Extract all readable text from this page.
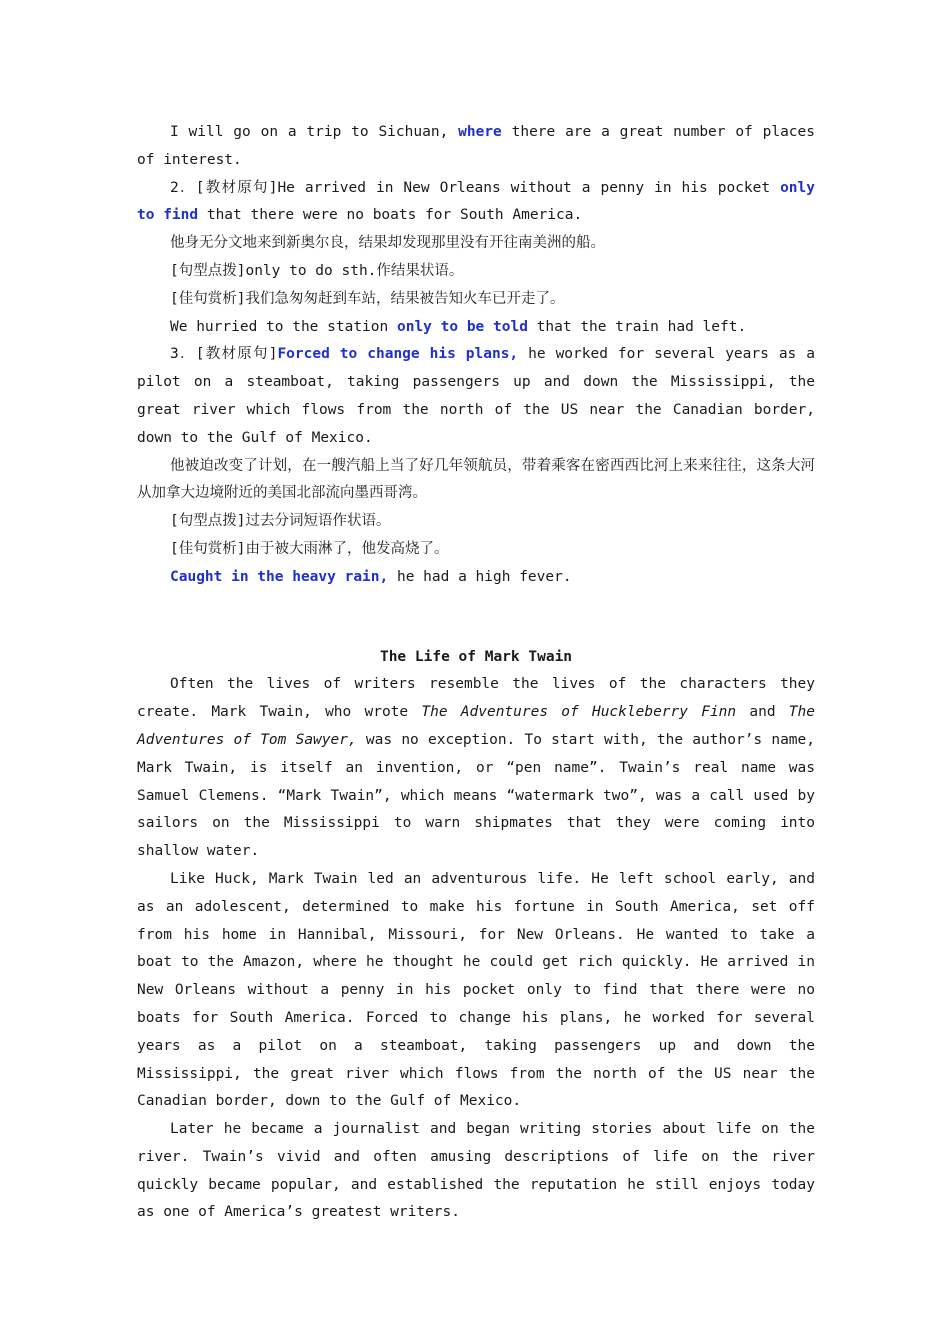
I will go on a trip to Sichuan, where there are a great number of places of interest.

2．[教材原句]He arrived in New Orleans without a penny in his pocket only to find that there were no boats for South America.

他身无分文地来到新奥尔良，结果却发现那里没有开往南美洲的船。

[句型点拨]only to do sth.作结果状语。

[佳句赏析]我们急匆匆赶到车站，结果被告知火车已开走了。

We hurried to the station only to be told that the train had left.

3．[教材原句]Forced to change his plans, he worked for several years as a pilot on a steamboat, taking passengers up and down the Mississippi, the great river which flows from the north of the US near the Canadian border, down to the Gulf of Mexico.

他被迫改变了计划，在一艘汽船上当了好几年领航员，带着乘客在密西西比河上来来往往，这条大河从加拿大边境附近的美国北部流向墨西哥湾。

[句型点拨]过去分词短语作状语。

[佳句赏析]由于被大雨淋了，他发高烧了。

Caught in the heavy rain, he had a high fever.

The Life of Mark Twain

Often the lives of writers resemble the lives of the characters they create. Mark Twain, who wrote The Adventures of Huckleberry Finn and The Adventures of Tom Sawyer, was no exception. To start with, the author’s name, Mark Twain, is itself an invention, or “pen name”. Twain’s real name was Samuel Clemens. “Mark Twain”, which means “watermark two”, was a call used by sailors on the Mississippi to warn shipmates that they were coming into shallow water.

Like Huck, Mark Twain led an adventurous life. He left school early, and as an adolescent, determined to make his fortune in South America, set off from his home in Hannibal, Missouri, for New Orleans. He wanted to take a boat to the Amazon, where he thought he could get rich quickly. He arrived in New Orleans without a penny in his pocket only to find that there were no boats for South America. Forced to change his plans, he worked for several years as a pilot on a steamboat, taking passengers up and down the Mississippi, the great river which flows from the north of the US near the Canadian border, down to the Gulf of Mexico.

Later he became a journalist and began writing stories about life on the river. Twain’s vivid and often amusing descriptions of life on the river quickly became popular, and established the reputation he still enjoys today as one of America’s greatest writers.
